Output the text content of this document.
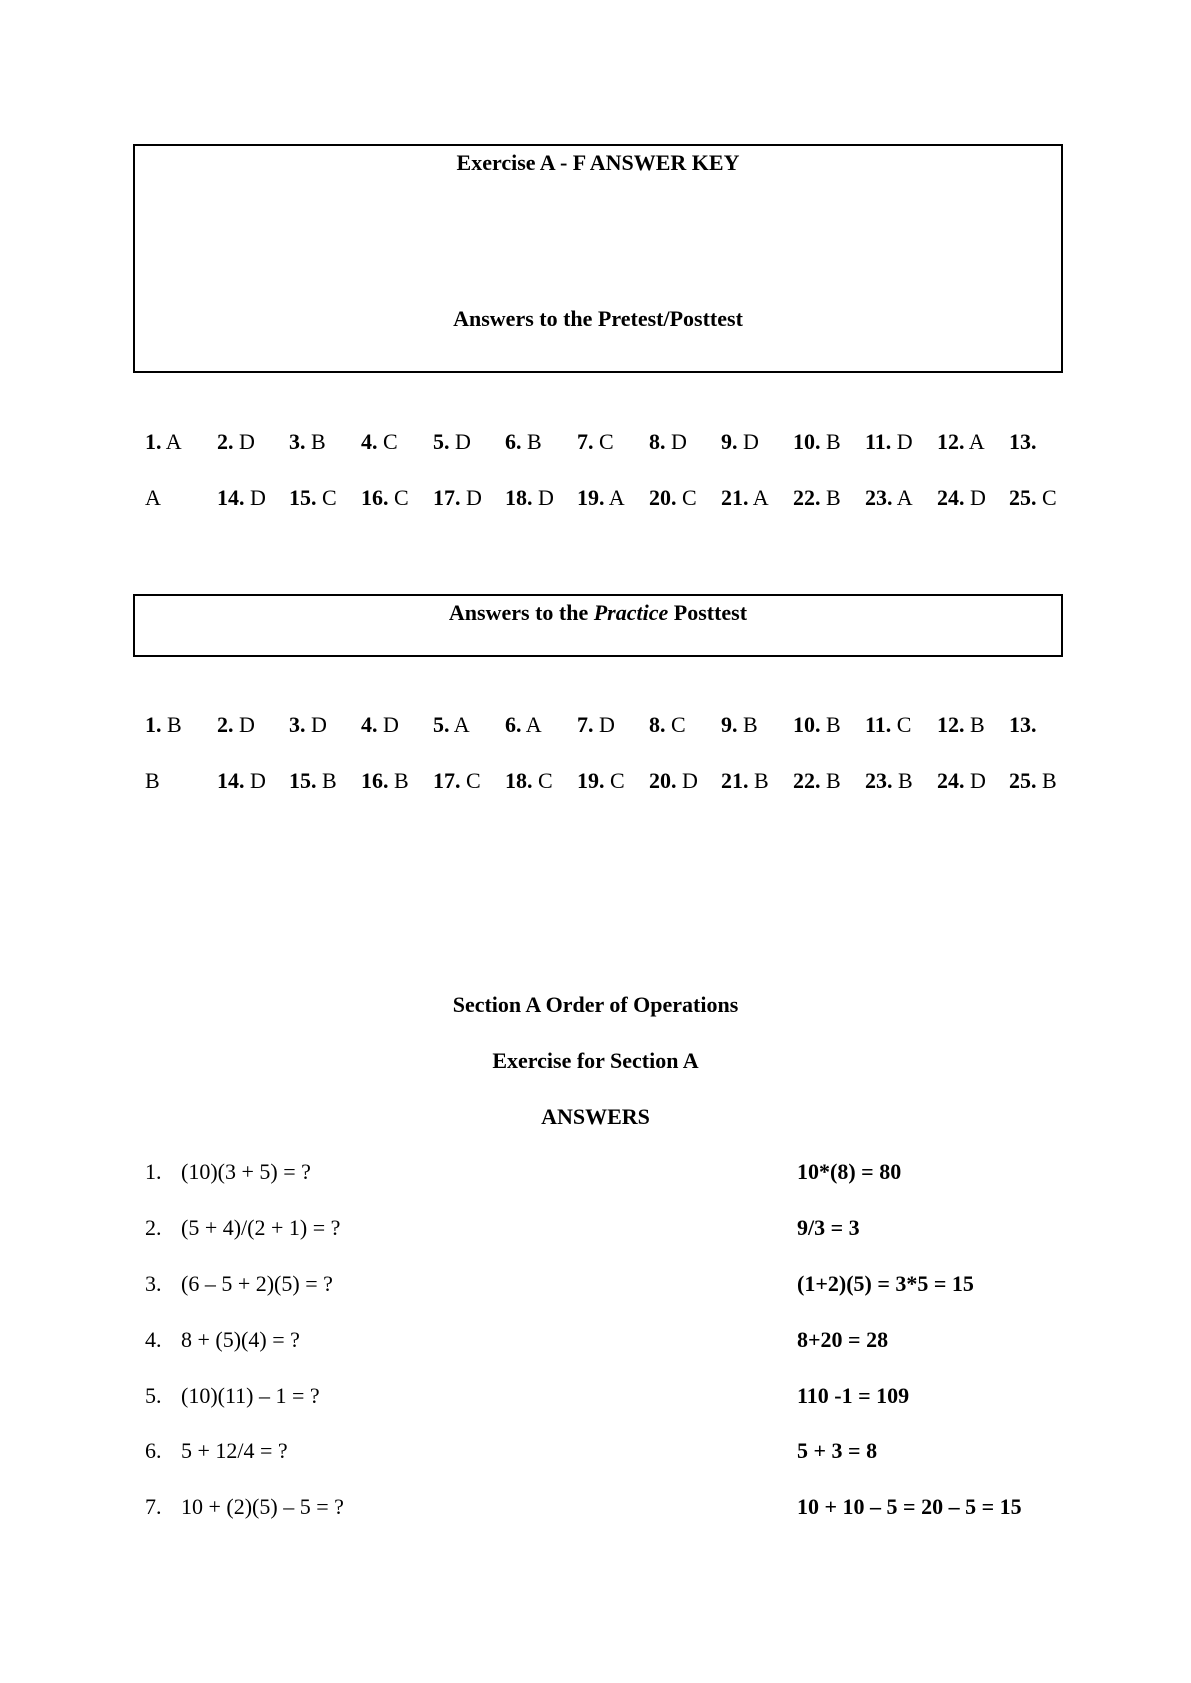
Exercise A - F ANSWER KEY
Answers to the Pretest/Posttest
1. A 2. D 3. B 4. C 5. D 6. B 7. C 8. D 9. D 10. B 11. D 12. A 13.
A	14. D 15. C 16. C 17. D 18. D 19. A 20. C 21. A 22. B 23. A 24. D 25. C
Answers to the Practice Posttest
1. B 2. D 3. D 4. D 5. A 6. A 7. D 8. C 9. B 10. B 11. C 12. B 13.
B	14. D 15. B 16. B 17. C 18. C 19. C 20. D 21. B 22. B 23. B 24. D 25. B
Section A Order of Operations
Exercise for Section A
ANSWERS
1. (10)(3 + 5) = ?	10*(8) = 80
2. (5 + 4)/(2 + 1) = ?	9/3 = 3
3. (6 – 5 + 2)(5) = ?	(1+2)(5) = 3*5 = 15
4. 8 + (5)(4) = ?	8+20 = 28
5. (10)(11) – 1 = ?	110 -1 = 109
6. 5 + 12/4 = ?	5 + 3 = 8
7. 10 + (2)(5) – 5 = ?	10 + 10 – 5 = 20 – 5 = 15
